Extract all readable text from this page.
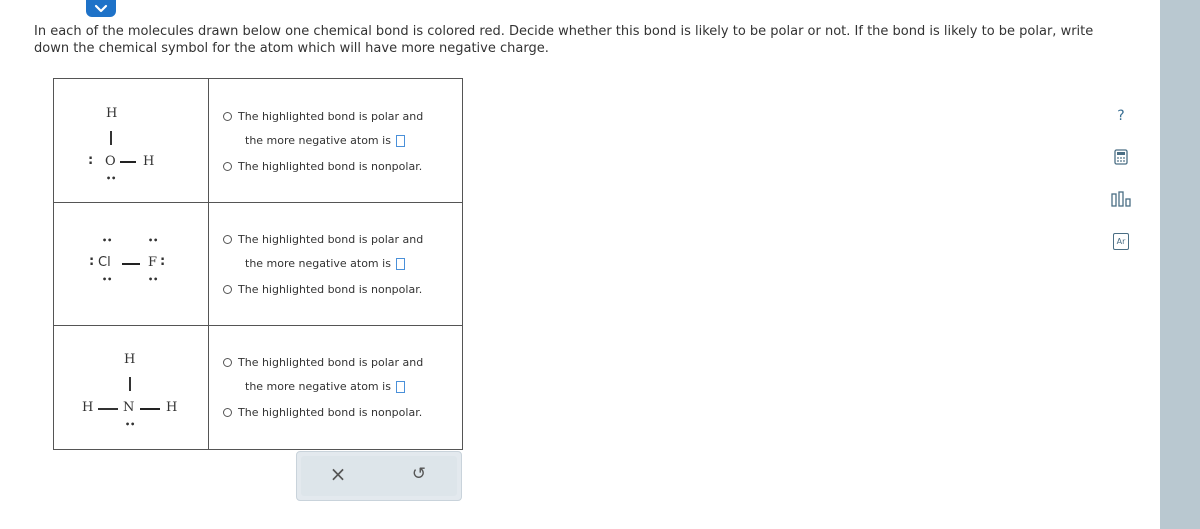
In each of the molecules drawn below one chemical bond is colored red. Decide whether this bond is likely to be polar or not. If the bond is likely to be polar, write down the chemical symbol for the atom which will have more negative charge.
H
: O H
••
The highlighted bond is polar and
the more negative atom is
The highlighted bond is nonpolar.
••	••
: Cl	F :
••	••
The highlighted bond is polar and
the more negative atom is
The highlighted bond is nonpolar.
H
H N H
••
The highlighted bond is polar and
the more negative atom is
The highlighted bond is nonpolar.
×	↺
?
Ar
